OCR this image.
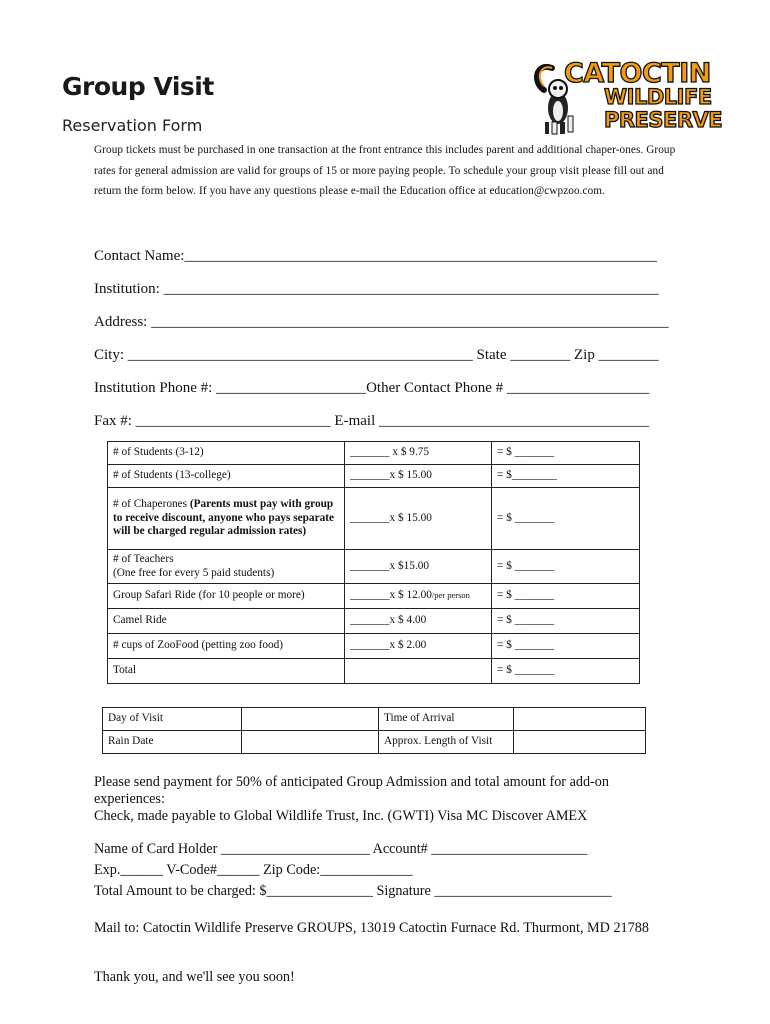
Group Visit
Reservation Form
CATOCTIN
WILDLIFE
PRESERVE
Group tickets must be purchased in one transaction at the front entrance this includes parent and additional chaper-ones. Group rates for general admission are valid for groups of 15 or more paying people. To schedule your group visit please fill out and return the form below. If you have any questions please e-mail the Education office at education@cwpzoo.com.
Contact Name:_______________________________________________________________
Institution: __________________________________________________________________
Address: _____________________________________________________________________
City: ______________________________________________ State ________ Zip ________
Institution Phone #: ____________________Other Contact Phone # ___________________
Fax #: __________________________ E-mail ____________________________________
# of Students (3-12)	_______ x $ 9.75	= $ _______
# of Students (13-college)	_______x $ 15.00	= $________
# of Chaperones (Parents must pay with group to receive discount, anyone who pays separate will be charged regular admission rates)	_______x $ 15.00	= $ _______
# of Teachers
(One free for every 5 paid students)	_______x $15.00	= $ _______
Group Safari Ride (for 10 people or more)	_______x $ 12.00/per person	= $ _______
Camel Ride	_______x $ 4.00	= $ _______
# cups of ZooFood (petting zoo food)	_______x $ 2.00	= $ _______
Total		= $ _______
Day of Visit		Time of Arrival	
Rain Date		Approx. Length of Visit	
Please send payment for 50% of anticipated Group Admission and total amount for add-on experiences:
Check, made payable to Global Wildlife Trust, Inc. (GWTI) Visa MC Discover AMEX
Name of Card Holder _____________________ Account# ______________________
Exp.______ V-Code#______ Zip Code:_____________
Total Amount to be charged: $_______________ Signature _________________________
Mail to: Catoctin Wildlife Preserve GROUPS, 13019 Catoctin Furnace Rd. Thurmont, MD 21788
Thank you, and we'll see you soon!
